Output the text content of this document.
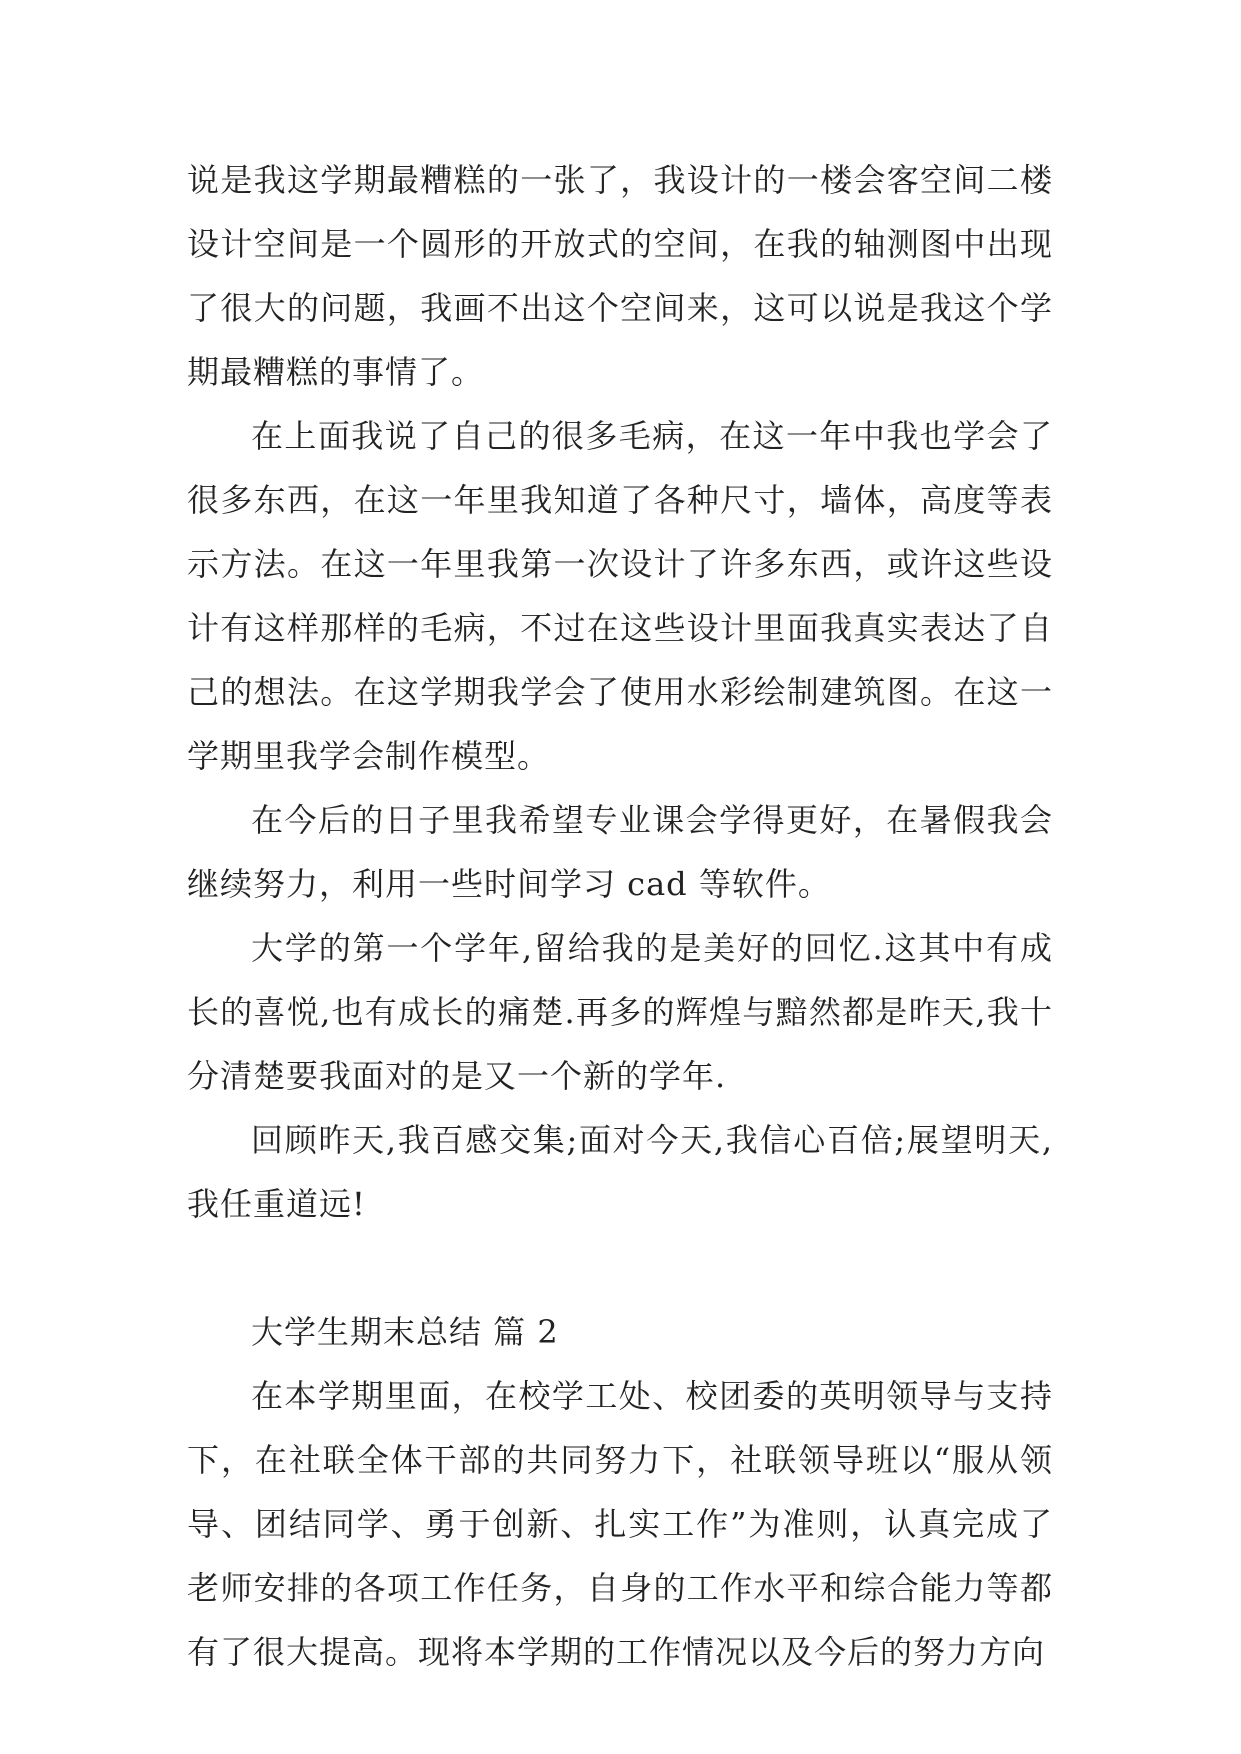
说是我这学期最糟糕的一张了，我设计的一楼会客空间二楼设计空间是一个圆形的开放式的空间，在我的轴测图中出现了很大的问题，我画不出这个空间来，这可以说是我这个学期最糟糕的事情了。

在上面我说了自己的很多毛病，在这一年中我也学会了很多东西，在这一年里我知道了各种尺寸，墙体，高度等表示方法。在这一年里我第一次设计了许多东西，或许这些设计有这样那样的毛病，不过在这些设计里面我真实表达了自己的想法。在这学期我学会了使用水彩绘制建筑图。在这一学期里我学会制作模型。

在今后的日子里我希望专业课会学得更好，在暑假我会继续努力，利用一些时间学习 cad 等软件。

大学的第一个学年,留给我的是美好的回忆.这其中有成长的喜悦,也有成长的痛楚.再多的辉煌与黯然都是昨天,我十分清楚要我面对的是又一个新的学年.

回顾昨天,我百感交集;面对今天,我信心百倍;展望明天,我任重道远!

大学生期末总结 篇 2

在本学期里面，在校学工处、校团委的英明领导与支持下，在社联全体干部的共同努力下，社联领导班以“服从领导、团结同学、勇于创新、扎实工作”为准则，认真完成了老师安排的各项工作任务，自身的工作水平和综合能力等都有了很大提高。现将本学期的工作情况以及今后的努力方向
